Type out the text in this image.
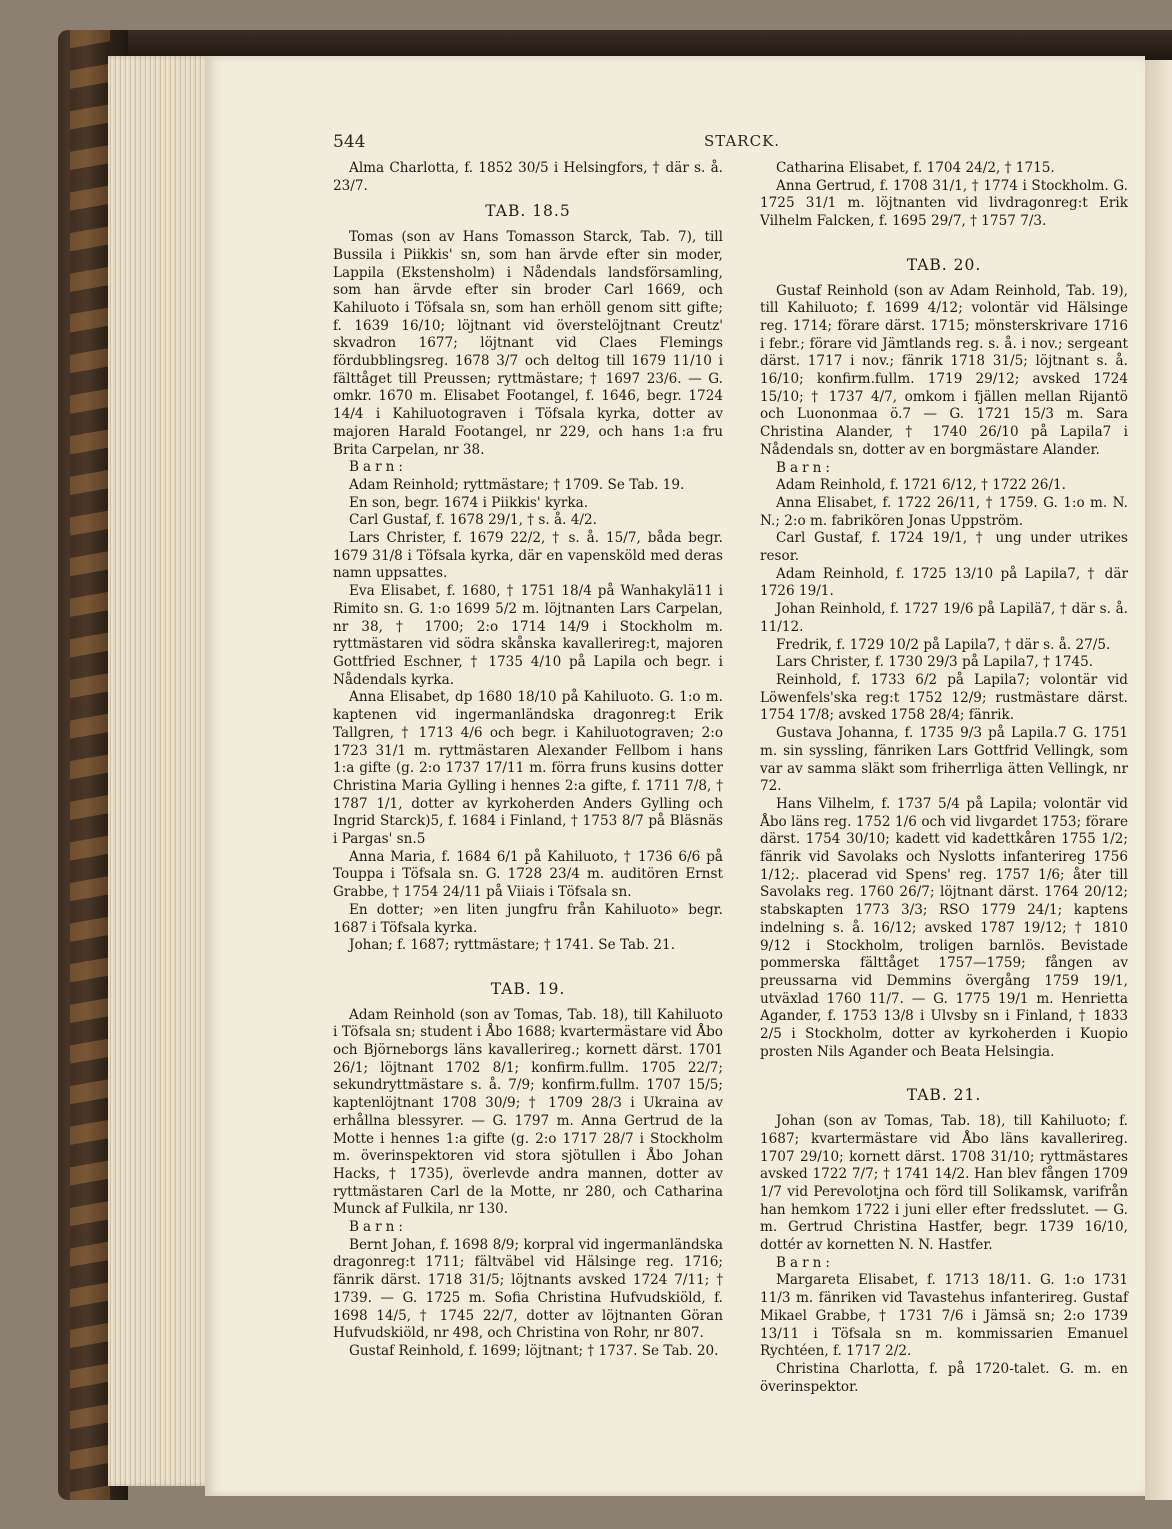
544	STARCK.

Alma Charlotta, f. 1852 30/5 i Helsingfors, † där s. å. 23/7.

TAB. 18.5

Tomas (son av Hans Tomasson Starck, Tab. 7), till Bussila i Piikkis' sn, som han ärvde efter sin moder, Lappila (Ekstensholm) i Nådendals landsförsamling, som han ärvde efter sin broder Carl 1669, och Kahiluoto i Töfsala sn, som han erhöll genom sitt gifte; f. 1639 16/10; löjtnant vid överstelöjtnant Creutz' skvadron 1677; löjtnant vid Claes Flemings fördubblingsreg. 1678 3/7 och deltog till 1679 11/10 i fälttåget till Preussen; ryttmästare; † 1697 23/6. — G. omkr. 1670 m. Elisabet Footangel, f. 1646, begr. 1724 14/4 i Kahiluotograven i Töfsala kyrka, dotter av majoren Harald Footangel, nr 229, och hans 1:a fru Brita Carpelan, nr 38.

Barn:

Adam Reinhold; ryttmästare; † 1709. Se Tab. 19.

En son, begr. 1674 i Piikkis' kyrka.

Carl Gustaf, f. 1678 29/1, † s. å. 4/2.

Lars Christer, f. 1679 22/2, † s. å. 15/7, båda begr. 1679 31/8 i Töfsala kyrka, där en vapensköld med deras namn uppsattes.

Eva Elisabet, f. 1680, † 1751 18/4 på Wanhakylä11 i Rimito sn. G. 1:o 1699 5/2 m. löjtnanten Lars Carpelan, nr 38, † 1700; 2:o 1714 14/9 i Stockholm m. ryttmästaren vid södra skånska kavallerireg:t, majoren Gottfried Eschner, † 1735 4/10 på Lapila och begr. i Nådendals kyrka.

Anna Elisabet, dp 1680 18/10 på Kahiluoto. G. 1:o m. kaptenen vid ingermanländska dragonreg:t Erik Tallgren, † 1713 4/6 och begr. i Kahiluotograven; 2:o 1723 31/1 m. ryttmästaren Alexander Fellbom i hans 1:a gifte (g. 2:o 1737 17/11 m. förra fruns kusins dotter Christina Maria Gylling i hennes 2:a gifte, f. 1711 7/8, † 1787 1/1, dotter av kyrkoherden Anders Gylling och Ingrid Starck)5, f. 1684 i Finland, † 1753 8/7 på Bläsnäs i Pargas' sn.5

Anna Maria, f. 1684 6/1 på Kahiluoto, † 1736 6/6 på Touppa i Töfsala sn. G. 1728 23/4 m. auditören Ernst Grabbe, † 1754 24/11 på Viiais i Töfsala sn.

En dotter; »en liten jungfru från Kahiluoto» begr. 1687 i Töfsala kyrka.

Johan; f. 1687; ryttmästare; † 1741. Se Tab. 21.

TAB. 19.

Adam Reinhold (son av Tomas, Tab. 18), till Kahiluoto i Töfsala sn; student i Åbo 1688; kvartermästare vid Åbo och Björneborgs läns kavallerireg.; kornett därst. 1701 26/1; löjtnant 1702 8/1; konfirm.fullm. 1705 22/7; sekundryttmästare s. å. 7/9; konfirm.fullm. 1707 15/5; kaptenlöjtnant 1708 30/9; † 1709 28/3 i Ukraina av erhållna blessyrer. — G. 1797 m. Anna Gertrud de la Motte i hennes 1:a gifte (g. 2:o 1717 28/7 i Stockholm m. överinspektoren vid stora sjötullen i Åbo Johan Hacks, † 1735), överlevde andra mannen, dotter av ryttmästaren Carl de la Motte, nr 280, och Catharina Munck af Fulkila, nr 130.

Barn:

Bernt Johan, f. 1698 8/9; korpral vid ingermanländska dragonreg:t 1711; fältväbel vid Hälsinge reg. 1716; fänrik därst. 1718 31/5; löjtnants avsked 1724 7/11; † 1739. — G. 1725 m. Sofia Christina Hufvudskiöld, f. 1698 14/5, † 1745 22/7, dotter av löjtnanten Göran Hufvudskiöld, nr 498, och Christina von Rohr, nr 807.

Gustaf Reinhold, f. 1699; löjtnant; † 1737. Se Tab. 20.

Catharina Elisabet, f. 1704 24/2, † 1715.

Anna Gertrud, f. 1708 31/1, † 1774 i Stockholm. G. 1725 31/1 m. löjtnanten vid livdragonreg:t Erik Vilhelm Falcken, f. 1695 29/7, † 1757 7/3.

TAB. 20.

Gustaf Reinhold (son av Adam Reinhold, Tab. 19), till Kahiluoto; f. 1699 4/12; volontär vid Hälsinge reg. 1714; förare därst. 1715; mönsterskrivare 1716 i febr.; förare vid Jämtlands reg. s. å. i nov.; sergeant därst. 1717 i nov.; fänrik 1718 31/5; löjtnant s. å. 16/10; konfirm.fullm. 1719 29/12; avsked 1724 15/10; † 1737 4/7, omkom i fjällen mellan Rijantö och Luononmaa ö.7 — G. 1721 15/3 m. Sara Christina Alander, † 1740 26/10 på Lapila7 i Nådendals sn, dotter av en borgmästare Alander.

Barn:

Adam Reinhold, f. 1721 6/12, † 1722 26/1.

Anna Elisabet, f. 1722 26/11, † 1759. G. 1:o m. N. N.; 2:o m. fabrikören Jonas Uppström.

Carl Gustaf, f. 1724 19/1, † ung under utrikes resor.

Adam Reinhold, f. 1725 13/10 på Lapila7, † där 1726 19/1.

Johan Reinhold, f. 1727 19/6 på Lapilä7, † där s. å. 11/12.

Fredrik, f. 1729 10/2 på Lapila7, † där s. å. 27/5.

Lars Christer, f. 1730 29/3 på Lapila7, † 1745.

Reinhold, f. 1733 6/2 på Lapila7; volontär vid Löwenfels'ska reg:t 1752 12/9; rustmästare därst. 1754 17/8; avsked 1758 28/4; fänrik.

Gustava Johanna, f. 1735 9/3 på Lapila.7 G. 1751 m. sin syssling, fänriken Lars Gottfrid Vellingk, som var av samma släkt som friherrliga ätten Vellingk, nr 72.

Hans Vilhelm, f. 1737 5/4 på Lapila; volontär vid Åbo läns reg. 1752 1/6 och vid livgardet 1753; förare därst. 1754 30/10; kadett vid kadettkåren 1755 1/2; fänrik vid Savolaks och Nyslotts infanterireg 1756 1/12;. placerad vid Spens' reg. 1757 1/6; åter till Savolaks reg. 1760 26/7; löjtnant därst. 1764 20/12; stabskapten 1773 3/3; RSO 1779 24/1; kaptens indelning s. å. 16/12; avsked 1787 19/12; † 1810 9/12 i Stockholm, troligen barnlös. Bevistade pommerska fälttåget 1757—1759; fången av preussarna vid Demmins övergång 1759 19/1, utväxlad 1760 11/7. — G. 1775 19/1 m. Henrietta Agander, f. 1753 13/8 i Ulvsby sn i Finland, † 1833 2/5 i Stockholm, dotter av kyrkoherden i Kuopio prosten Nils Agander och Beata Helsingia.

TAB. 21.

Johan (son av Tomas, Tab. 18), till Kahiluoto; f. 1687; kvartermästare vid Åbo läns kavallerireg. 1707 29/10; kornett därst. 1708 31/10; ryttmästares avsked 1722 7/7; † 1741 14/2. Han blev fången 1709 1/7 vid Perevolotjna och förd till Solikamsk, varifrån han hemkom 1722 i juni eller efter fredsslutet. — G. m. Gertrud Christina Hastfer, begr. 1739 16/10, dottér av kornetten N. N. Hastfer.

Barn:

Margareta Elisabet, f. 1713 18/11. G. 1:o 1731 11/3 m. fänriken vid Tavastehus infanterireg. Gustaf Mikael Grabbe, † 1731 7/6 i Jämsä sn; 2:o 1739 13/11 i Töfsala sn m. kommissarien Emanuel Rychtéen, f. 1717 2/2.

Christina Charlotta, f. på 1720-talet. G. m. en överinspektor.
